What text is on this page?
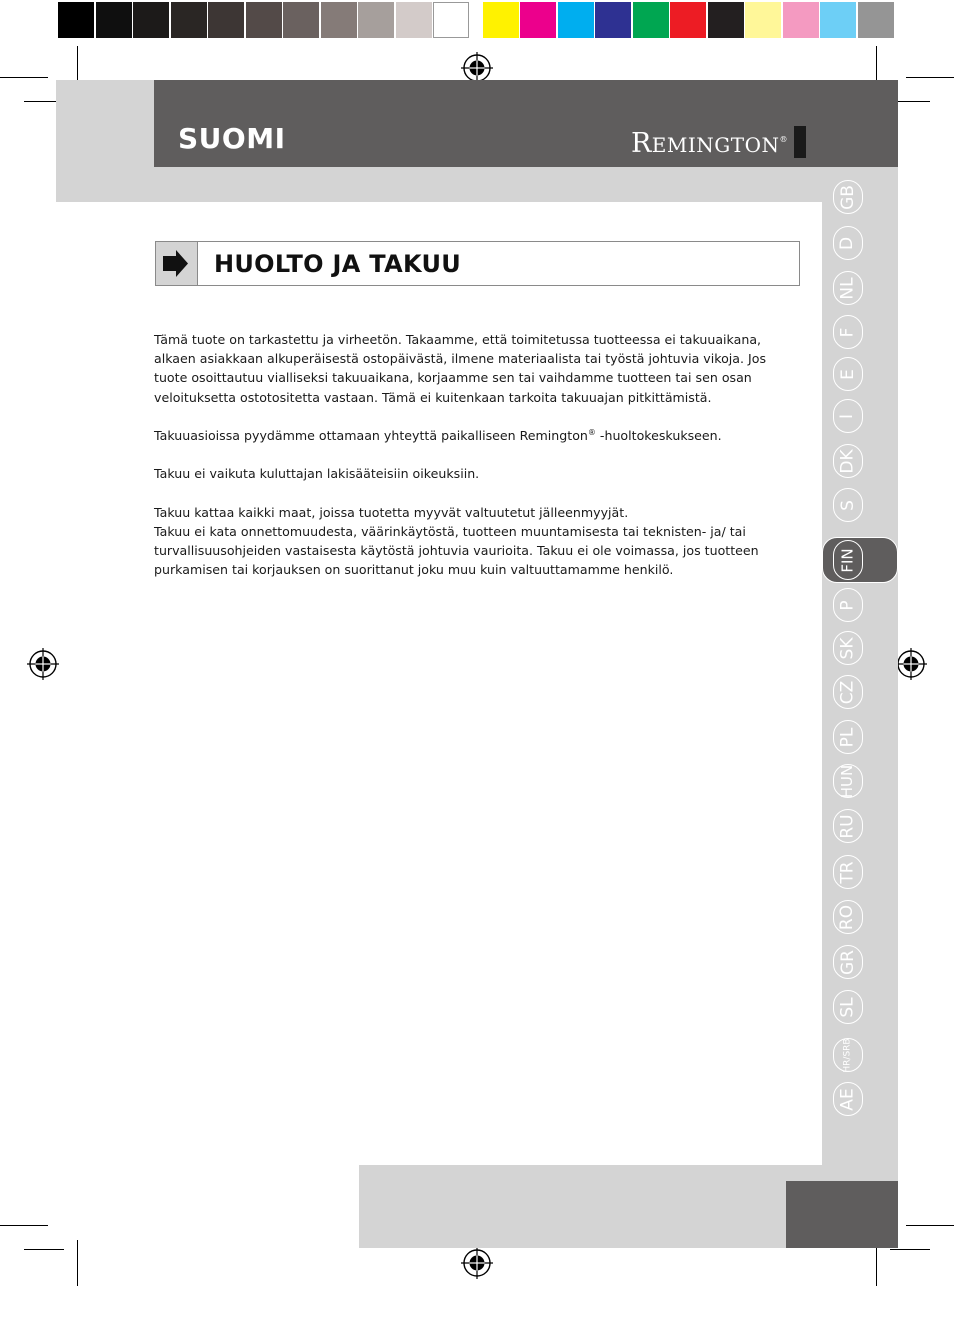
SUOMI	REMINGTON®
GB
D
NL
F
E
I
DK
S
FIN
P
SK
CZ
PL
HUN
RU
TR
RO
GR
SL
HR/SRB
AE
HUOLTO JA TAKUU

Tämä tuote on tarkastettu ja virheetön. Takaamme, että toimitetussa tuotteessa ei takuuaikana, alkaen asiakkaan alkuperäisestä ostopäivästä, ilmene materiaalista tai työstä johtuvia vikoja. Jos tuote osoittautuu vialliseksi takuuaikana, korjaamme sen tai vaihdamme tuotteen tai sen osan veloituksetta ostotositetta vastaan. Tämä ei kuitenkaan tarkoita takuuajan pitkittämistä.

Takuuasioissa pyydämme ottamaan yhteyttä paikalliseen Remington® -huoltokeskukseen.

Takuu ei vaikuta kuluttajan lakisääteisiin oikeuksiin.

Takuu kattaa kaikki maat, joissa tuotetta myyvät valtuutetut jälleenmyyjät.

Takuu ei kata onnettomuudesta, väärinkäytöstä, tuotteen muuntamisesta tai teknisten- ja/ tai turvallisuusohjeiden vastaisesta käytöstä johtuvia vaurioita. Takuu ei ole voimassa, jos tuotteen purkamisen tai korjauksen on suorittanut joku muu kuin valtuuttamamme henkilö.
